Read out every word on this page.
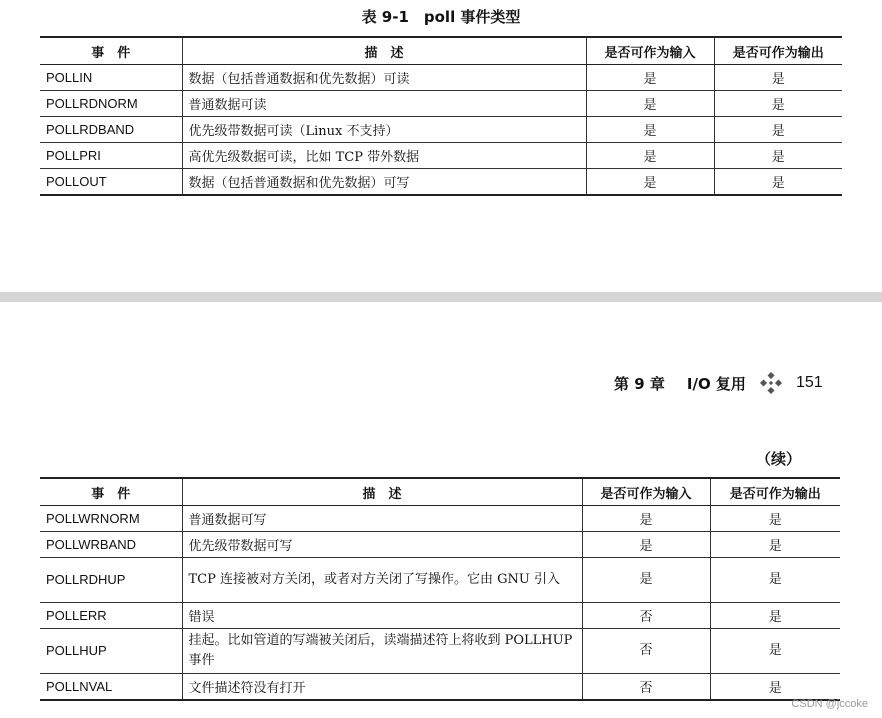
表 9-1　poll 事件类型
事　件	描　述	是否可作为输入	是否可作为输出
POLLIN	数据（包括普通数据和优先数据）可读	是	是
POLLRDNORM	普通数据可读	是	是
POLLRDBAND	优先级带数据可读（Linux 不支持）	是	是
POLLPRI	高优先级数据可读，比如 TCP 带外数据	是	是
POLLOUT	数据（包括普通数据和优先数据）可写	是	是
第 9 章 I/O 复用	151
（续）
事　件	描　述	是否可作为输入	是否可作为输出
POLLWRNORM	普通数据可写	是	是
POLLWRBAND	优先级带数据可写	是	是
POLLRDHUP	TCP 连接被对方关闭，或者对方关闭了写操作。它由 GNU 引入	是	是
POLLERR	错误	否	是
POLLHUP	挂起。比如管道的写端被关闭后，读端描述符上将收到 POLLHUP 事件	否	是
POLLNVAL	文件描述符没有打开	否	是
CSDN @jccoke
